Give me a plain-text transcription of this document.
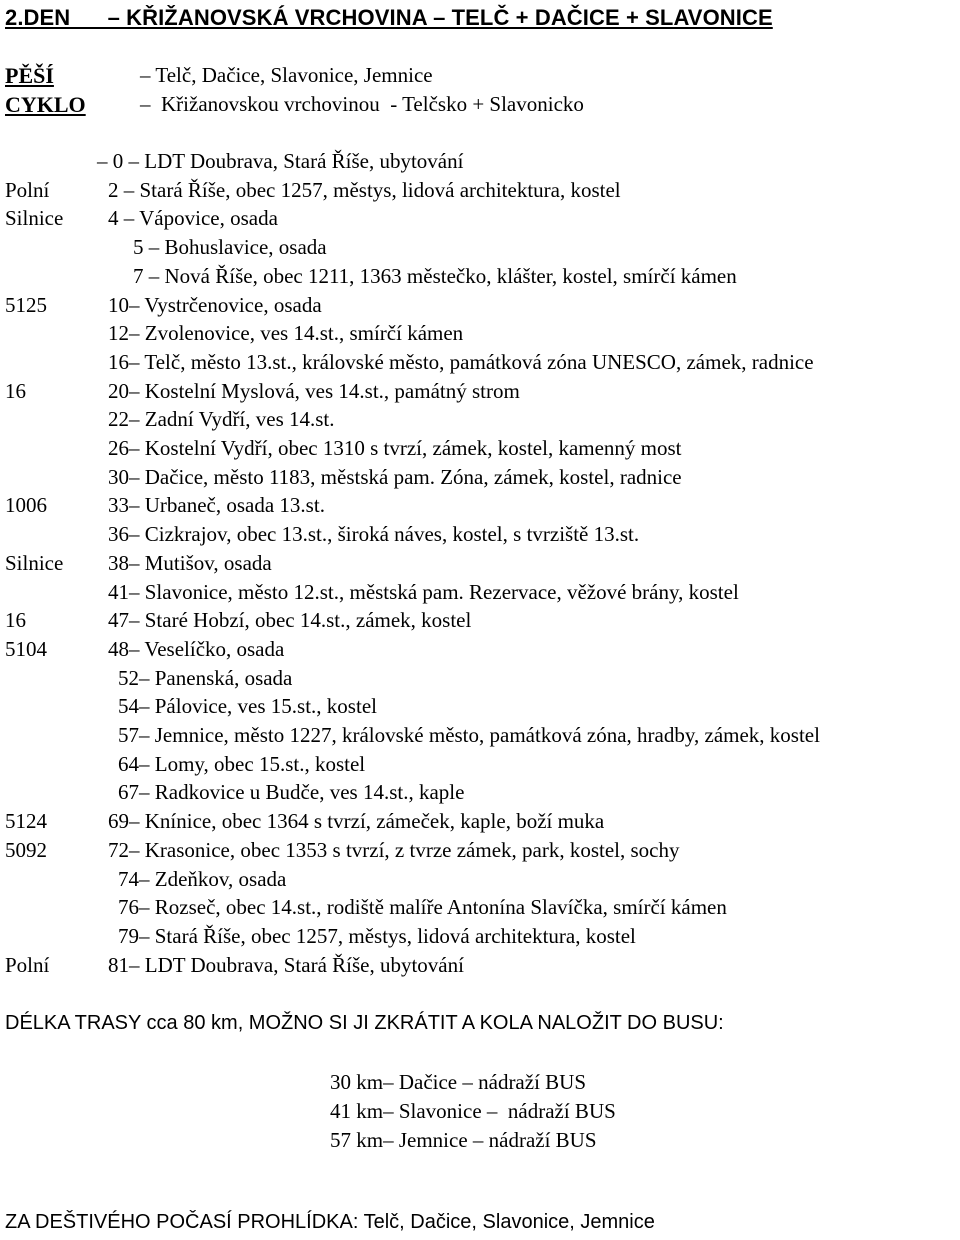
2.DEN      – KŘIŽANOVSKÁ VRCHOVINA – TELČ + DAČICE + SLAVONICE
PĚŠÍ	– Telč, Dačice, Slavonice, Jemnice
CYKLO	–  Křižanovskou vrchovinou  - Telčsko + Slavonicko
– 0 – LDT Doubrava, Stará Říše, ubytování
Polní	2 – Stará Říše, obec 1257, městys, lidová architektura, kostel
Silnice 4 – Vápovice, osada
5 – Bohuslavice, osada
7 – Nová Říše, obec 1211, 1363 městečko, klášter, kostel, smírčí kámen
5125	10– Vystrčenovice, osada
12– Zvolenovice, ves 14.st., smírčí kámen
16– Telč, město 13.st., královské město, památková zóna UNESCO, zámek, radnice
16	20– Kostelní Myslová, ves 14.st., památný strom
22– Zadní Vydří, ves 14.st.
26– Kostelní Vydří, obec 1310 s tvrzí, zámek, kostel, kamenný most
30– Dačice, město 1183, městská pam. Zóna, zámek, kostel, radnice
1006	33– Urbaneč, osada 13.st.
36– Cizkrajov, obec 13.st., široká náves, kostel, s tvrziště 13.st.
Silnice 38– Mutišov, osada
41– Slavonice, město 12.st., městská pam. Rezervace, věžové brány, kostel
16	47– Staré Hobzí, obec 14.st., zámek, kostel
5104	48– Veselíčko, osada
52– Panenská, osada
54– Pálovice, ves 15.st., kostel
57– Jemnice, město 1227, královské město, památková zóna, hradby, zámek, kostel
64– Lomy, obec 15.st., kostel
67– Radkovice u Budče, ves 14.st., kaple
5124	69– Knínice, obec 1364 s tvrzí, zámeček, kaple, boží muka
5092	72– Krasonice, obec 1353 s tvrzí, z tvrze zámek, park, kostel, sochy
74– Zdeňkov, osada
76– Rozseč, obec 14.st., rodiště malíře Antonína Slavíčka, smírčí kámen
79– Stará Říše, obec 1257, městys, lidová architektura, kostel
Polní	81– LDT Doubrava, Stará Říše, ubytování
DÉLKA TRASY cca 80 km, MOŽNO SI JI ZKRÁTIT A KOLA NALOŽIT DO BUSU:
30 km– Dačice – nádraží BUS
41 km– Slavonice –  nádraží BUS
57 km– Jemnice – nádraží BUS
ZA DEŠTIVÉHO POČASÍ PROHLÍDKA: Telč, Dačice, Slavonice, Jemnice
